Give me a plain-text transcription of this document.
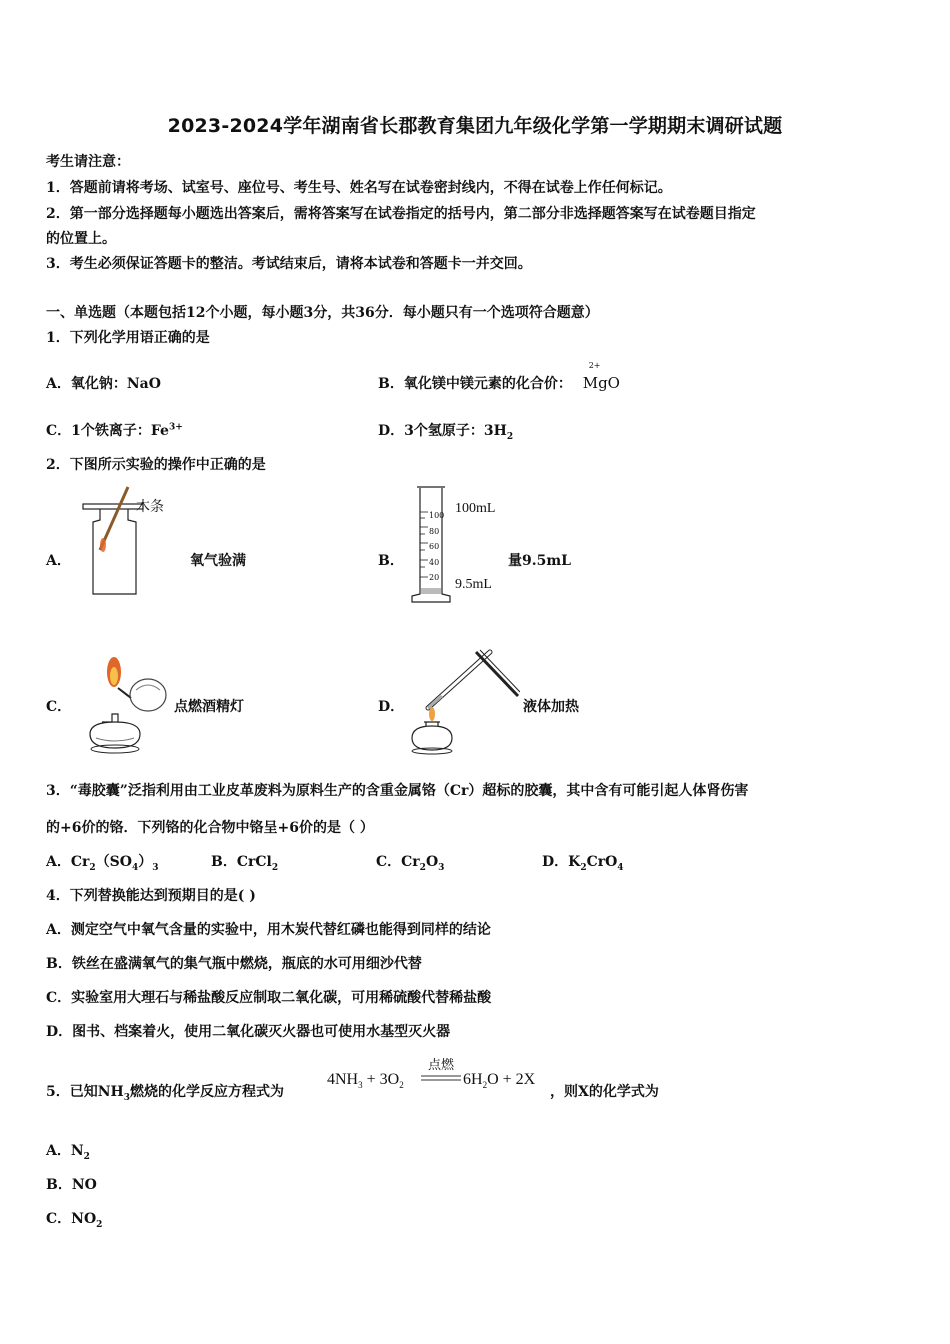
2023-2024学年湖南省长郡教育集团九年级化学第一学期期末调研试题
考生请注意：
1．答题前请将考场、试室号、座位号、考生号、姓名写在试卷密封线内，不得在试卷上作任何标记。
2．第一部分选择题每小题选出答案后，需将答案写在试卷指定的括号内，第二部分非选择题答案写在试卷题目指定
的位置上。
3．考生必须保证答题卡的整洁。考试结束后，请将本试卷和答题卡一并交回。
一、单选题（本题包括12个小题，每小题3分，共36分．每小题只有一个选项符合题意）
1．下列化学用语正确的是
A．氧化钠：NaO	B．氧化镁中镁元素的化合价：
2+
MgO
C．1个铁离子：$Fe^{3+}$	D．3个氢原子：$3H_2$
2．下图所示实验的操作中正确的是
A．
木条
氧气验满	B．
100
80
60
40
20
100mL
9.5mL
量9.5mL
C．	点燃酒精灯	D．	液体加热
3．“毒胶囊”泛指利用由工业皮革废料为原料生产的含重金属铬（Cr）超标的胶囊，其中含有可能引起人体肾伤害
的+6价的铬．下列铬的化合物中铬呈+6价的是（ ）
A．$Cr_2(SO_4)_3$	B．CrCl$_2$	C．$Cr_2O_3$	D．$K_2CrO_4$
4．下列替换能达到预期目的是( )
A．测定空气中氧气含量的实验中，用木炭代替红磷也能得到同样的结论
B．铁丝在盛满氧气的集气瓶中燃烧，瓶底的水可用细沙代替
C．实验室用大理石与稀盐酸反应制取二氧化碳，可用稀硫酸代替稀盐酸
D．图书、档案着火，使用二氧化碳灭火器也可使用水基型灭火器
5．已知$NH_3$燃烧的化学反应方程式为
$4NH_3 + 3O_2$
点燃
$6H_2O + 2X$
，则X的化学式为
A．$N_2$
B．NO
C．$NO_2$
